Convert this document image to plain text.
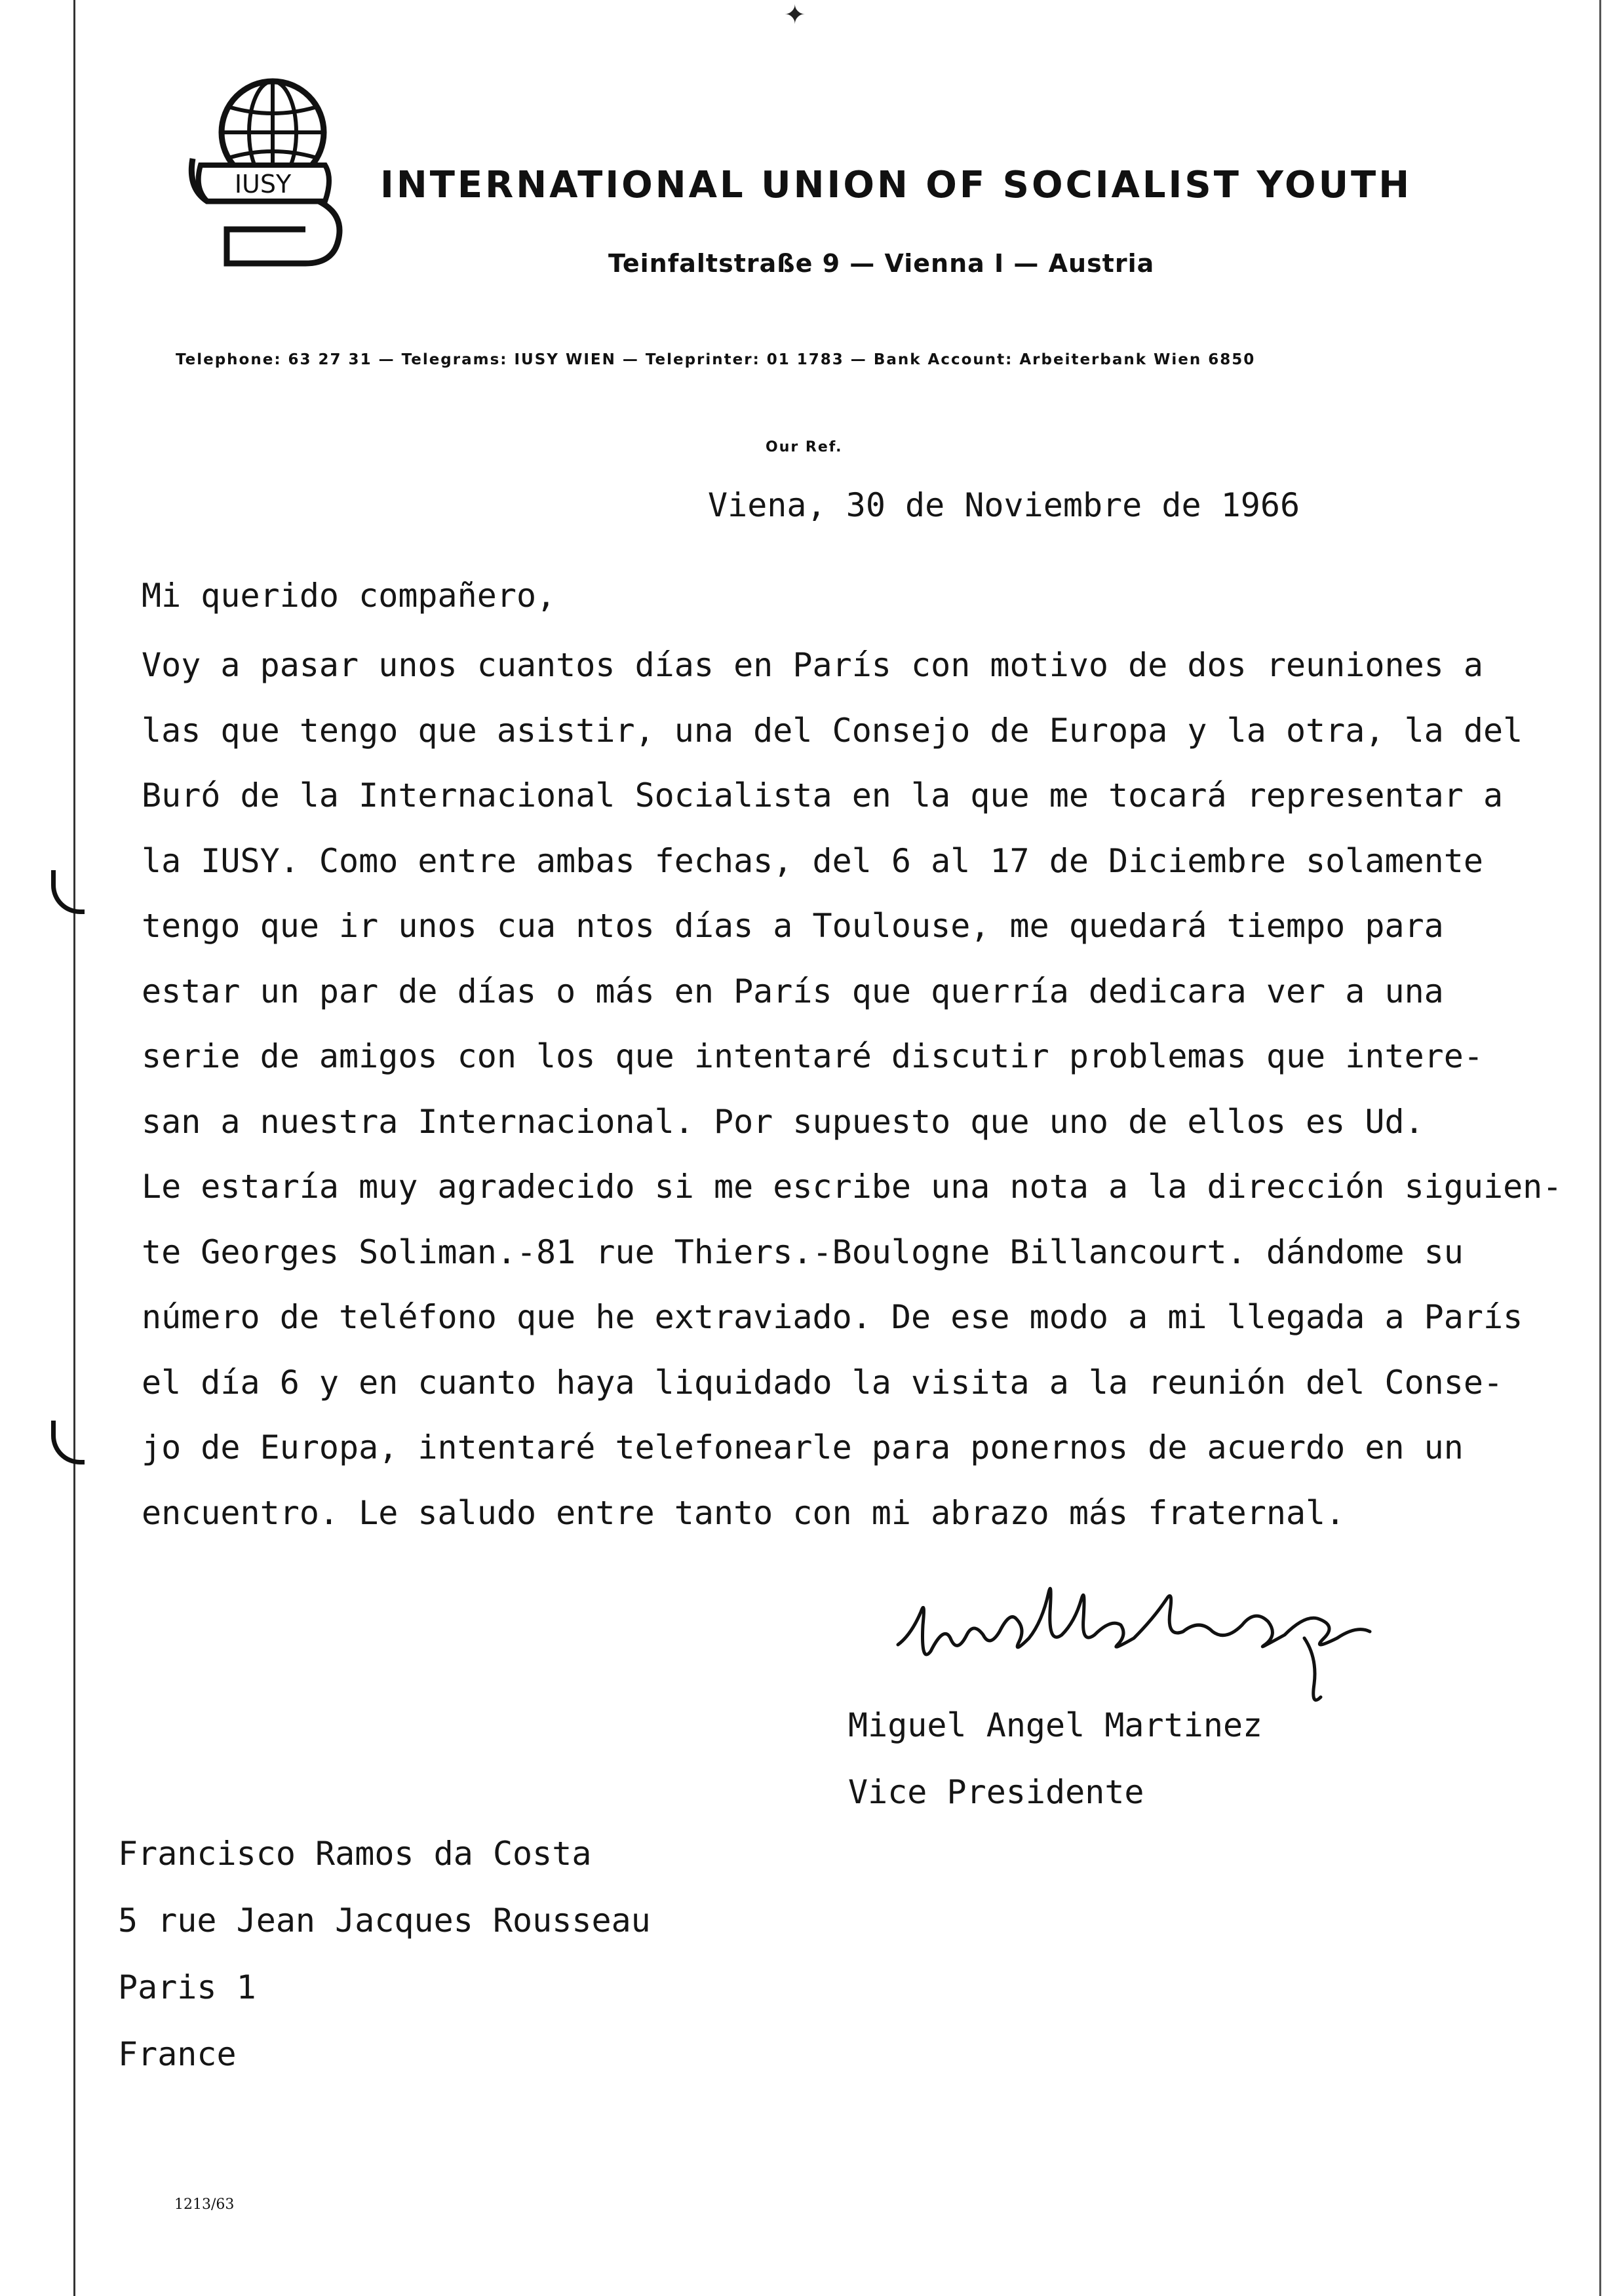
✦
IUSY INTERNATIONAL UNION OF SOCIALIST YOUTH
Teinfaltstraße 9 — Vienna I — Austria
Telephone: 63 27 31 — Telegrams: IUSY WIEN — Teleprinter: 01 1783 — Bank Account: Arbeiterbank Wien 6850
Our Ref.
Viena, 30 de Noviembre de 1966
Mi querido compañero,
Voy a pasar unos cuantos días en París con motivo de dos reuniones a
las que tengo que asistir, una del Consejo de Europa y la otra, la del
Buró de la Internacional Socialista en la que me tocará representar a
la IUSY. Como entre ambas fechas, del 6 al 17 de Diciembre solamente
tengo que ir unos cua ntos días a Toulouse, me quedará tiempo para
estar un par de días o más en París que querría dedicara ver a una
serie de amigos con los que intentaré discutir problemas que intere-
san a nuestra Internacional. Por supuesto que uno de ellos es Ud.
Le estaría muy agradecido si me escribe una nota a la dirección siguien-
te Georges Soliman.-81 rue Thiers.-Boulogne Billancourt. dándome su
número de teléfono que he extraviado. De ese modo a mi llegada a París
el día 6 y en cuanto haya liquidado la visita a la reunión del Conse-
jo de Europa, intentaré telefonearle para ponernos de acuerdo en un
encuentro. Le saludo entre tanto con mi abrazo más fraternal.
Miguel Angel Martinez
Vice Presidente
Francisco Ramos da Costa
5 rue Jean Jacques Rousseau
Paris 1
France
1213/63
